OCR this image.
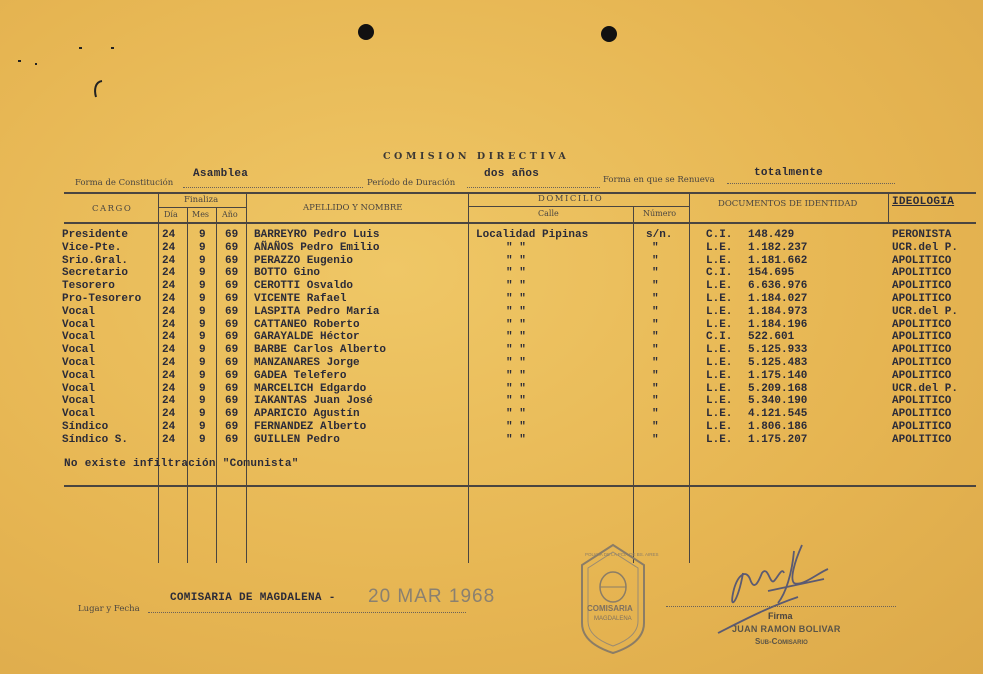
COMISION DIRECTIVA
Forma de Constitución
Asamblea
Período de Duración
dos años	Forma en que se Renueva
totalmente
CARGO
Finaliza
Día Mes Año
APELLIDO Y NOMBRE
DOMICILIO
Calle	Número
DOCUMENTOS DE IDENTIDAD	IDEOLOGIA
Presidente	24 9 69 BARREYRO Pedro Luis	Localidad Pipinas	s/n.	C.I. 148.429	PERONISTA
Vice-Pte.	24 9 69 AÑAÑOS Pedro Emilio	" "	"	L.E. 1.182.237	UCR.del P.
Srio.Gral.	24 9 69 PERAZZO Eugenio	" "	"	L.E. 1.181.662	APOLITICO
Secretario	24 9 69 BOTTO Gino	" "	"	C.I. 154.695	APOLITICO
Tesorero	24 9 69 CEROTTI Osvaldo	" "	"	L.E. 6.636.976	APOLITICO
Pro-Tesorero 24 9 69 VICENTE Rafael	" "	"	L.E. 1.184.027	APOLITICO
Vocal	24 9 69 LASPITA Pedro María	" "	"	L.E. 1.184.973	UCR.del P.
Vocal	24 9 69 CATTANEO Roberto	" "	"	L.E. 1.184.196	APOLITICO
Vocal	24 9 69 GARAYALDE Héctor	" "	"	C.I. 522.601	APOLITICO
Vocal	24 9 69 BARBE Carlos Alberto	" "	"	L.E. 5.125.933	APOLITICO
Vocal	24 9 69 MANZANARES Jorge	" "	"	L.E. 5.125.483	APOLITICO
Vocal	24 9 69 GADEA Telefero	" "	"	L.E. 1.175.140	APOLITICO
Vocal	24 9 69 MARCELICH Edgardo	" "	"	L.E. 5.209.168	UCR.del P.
Vocal	24 9 69 IAKANTAS Juan José	" "	"	L.E. 5.340.190	APOLITICO
Vocal	24 9 69 APARICIO Agustín	" "	"	L.E. 4.121.545	APOLITICO
Síndico	24 9 69 FERNANDEZ Alberto	" "	"	L.E. 1.806.186	APOLITICO
Síndico S.	24 9 69 GUILLEN Pedro	" "	"	L.E. 1.175.207	APOLITICO
No existe infiltración "Comunista"
Lugar y Fecha
COMISARIA DE MAGDALENA - 20 MAR 1968
POLICIA DE LA PCIA DE BS. AIRES
COMISARIA
MAGDALENA	Firma
JUAN RAMON BOLIVAR
Sub-Comisario
